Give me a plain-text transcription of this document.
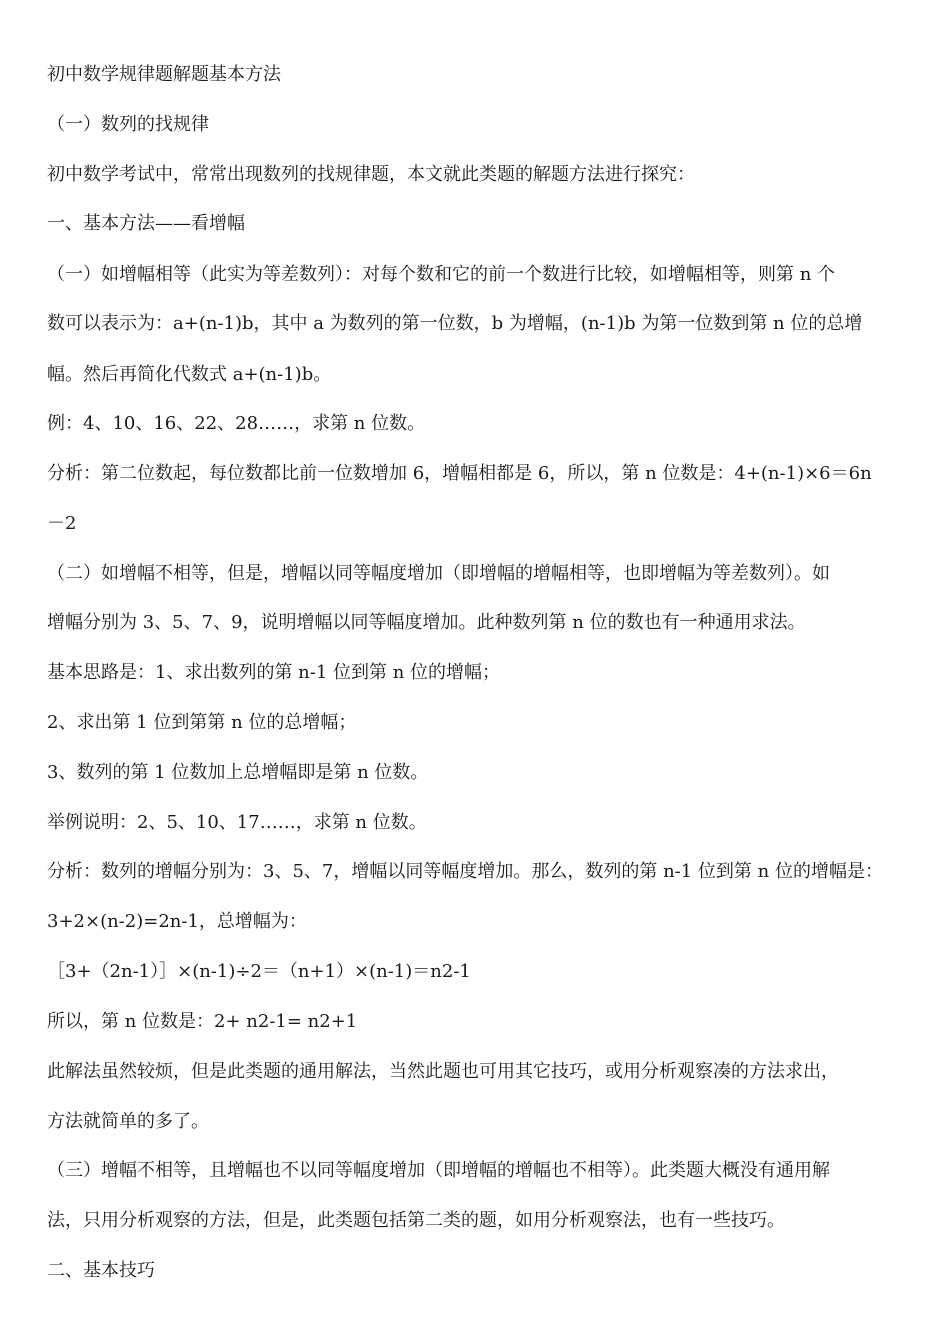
初中数学规律题解题基本方法
（一）数列的找规律
初中数学考试中，常常出现数列的找规律题，本文就此类题的解题方法进行探究：
一、基本方法——看增幅
（一）如增幅相等（此实为等差数列）：对每个数和它的前一个数进行比较，如增幅相等，则第 n 个
数可以表示为：a+(n-1)b，其中 a 为数列的第一位数，b 为增幅，(n-1)b 为第一位数到第 n 位的总增
幅。然后再简化代数式 a+(n-1)b。
例：4、10、16、22、28……，求第 n 位数。
分析：第二位数起，每位数都比前一位数增加 6，增幅相都是 6，所以，第 n 位数是：4+(n-1)×6＝6n
－2
（二）如增幅不相等，但是，增幅以同等幅度增加（即增幅的增幅相等，也即增幅为等差数列）。如
增幅分别为 3、5、7、9，说明增幅以同等幅度增加。此种数列第 n 位的数也有一种通用求法。
基本思路是：1、求出数列的第 n-1 位到第 n 位的增幅；
2、求出第 1 位到第第 n 位的总增幅；
3、数列的第 1 位数加上总增幅即是第 n 位数。
举例说明：2、5、10、17……，求第 n 位数。
分析：数列的增幅分别为：3、5、7，增幅以同等幅度增加。那么，数列的第 n-1 位到第 n 位的增幅是：
3+2×(n-2)=2n-1，总增幅为：
［3+（2n-1）］×(n-1)÷2＝（n+1）×(n-1)＝n2-1
所以，第 n 位数是：2+ n2-1= n2+1
此解法虽然较烦，但是此类题的通用解法，当然此题也可用其它技巧，或用分析观察凑的方法求出，
方法就简单的多了。
（三）增幅不相等，且增幅也不以同等幅度增加（即增幅的增幅也不相等）。此类题大概没有通用解
法，只用分析观察的方法，但是，此类题包括第二类的题，如用分析观察法，也有一些技巧。
二、基本技巧
